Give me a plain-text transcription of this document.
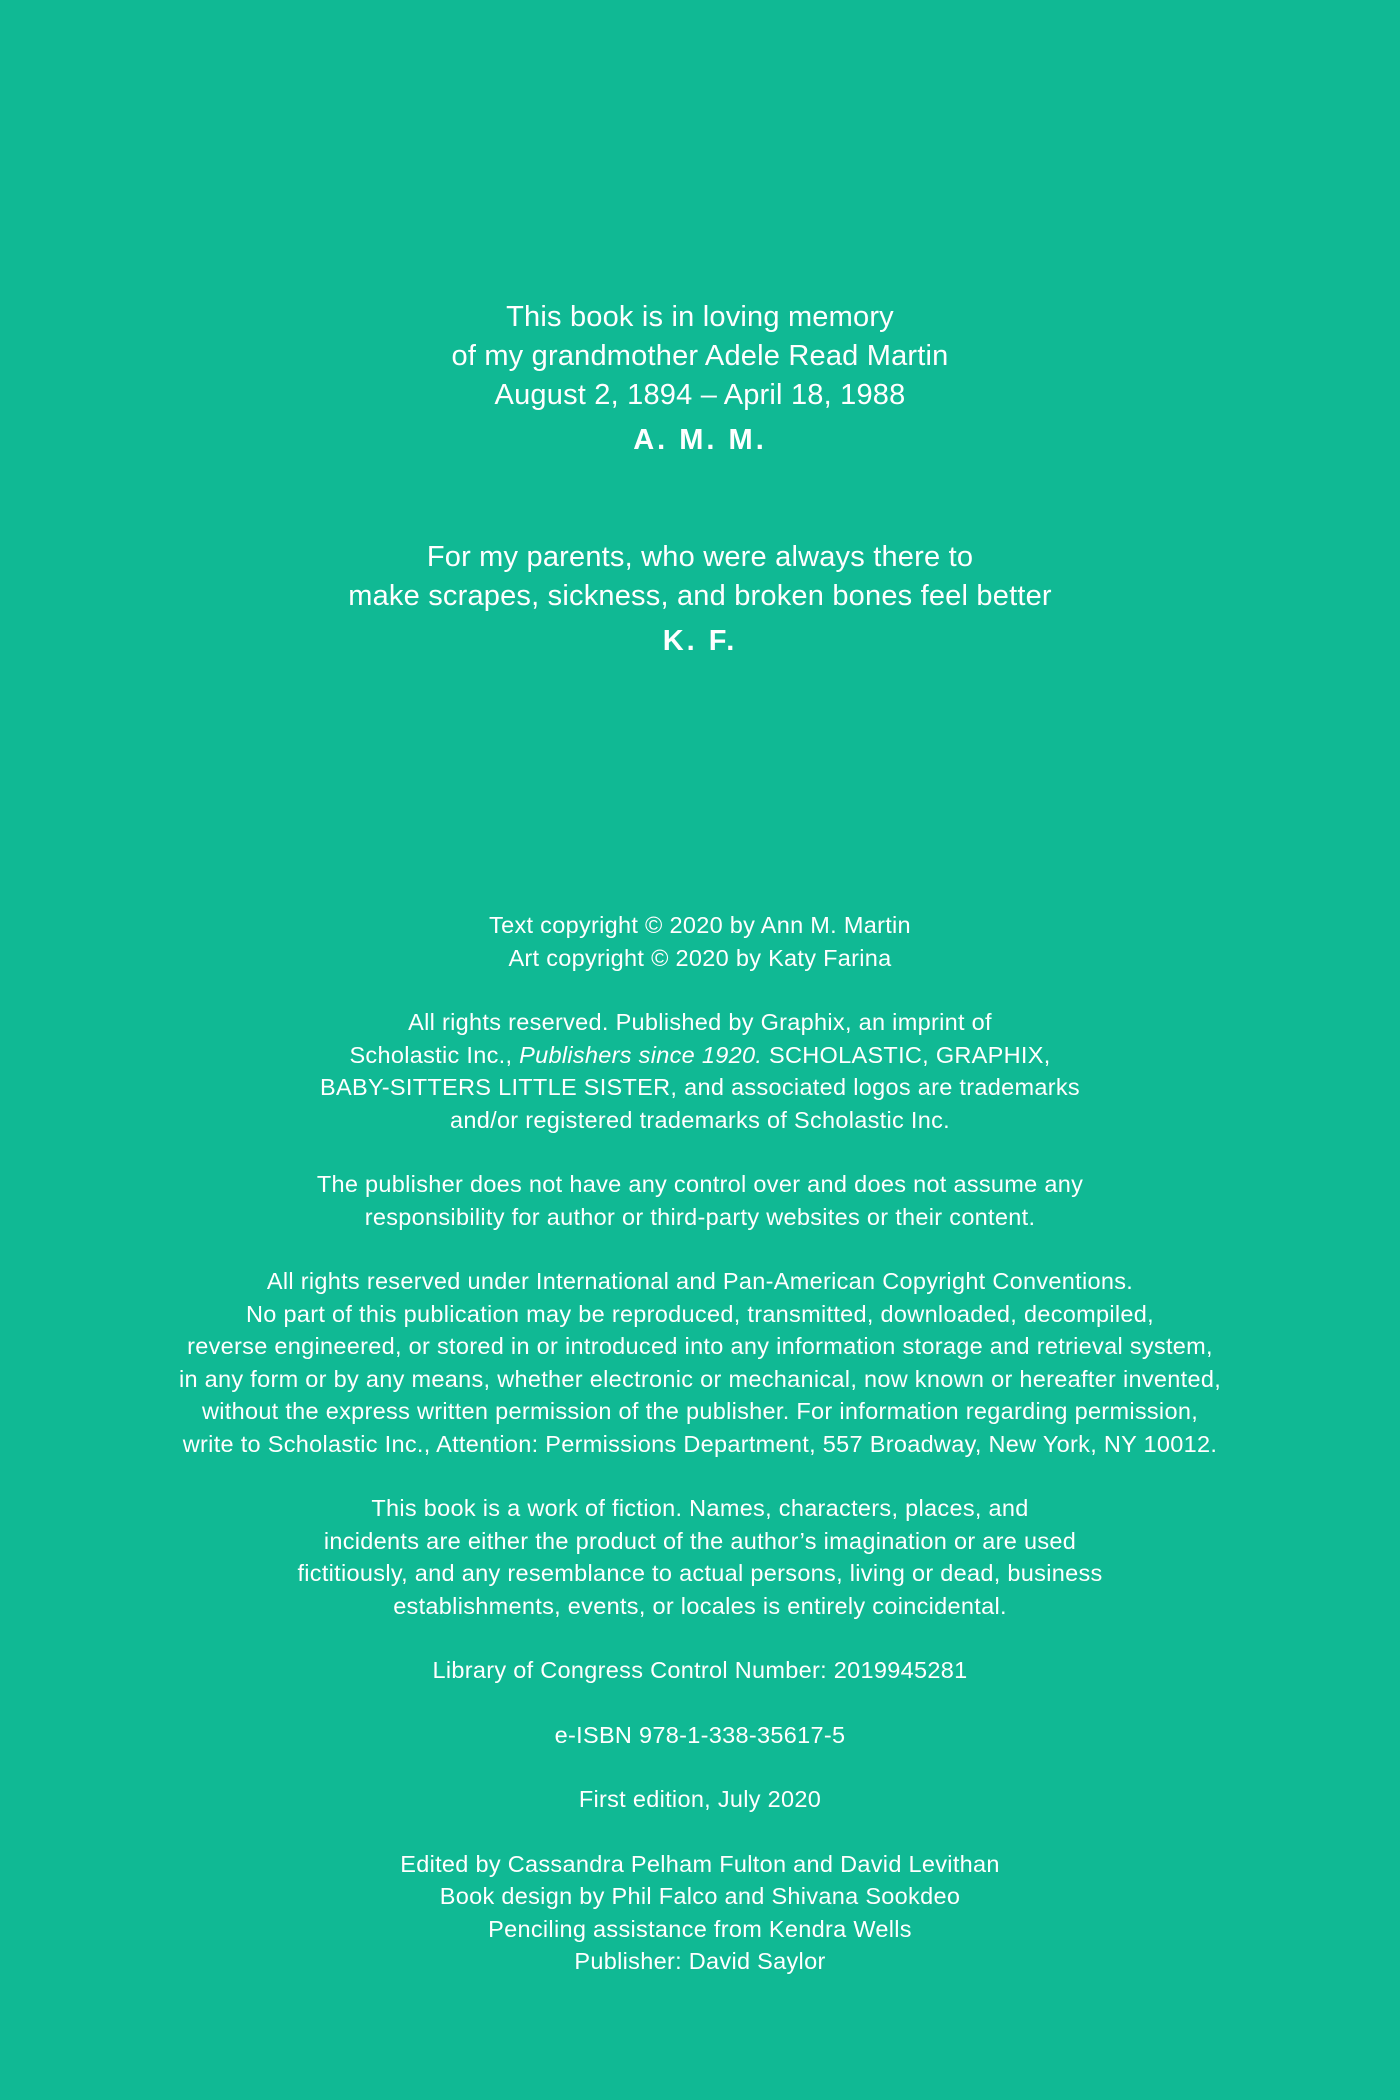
This book is in loving memory
of my grandmother Adele Read Martin
August 2, 1894 – April 18, 1988
A. M. M.
For my parents, who were always there to
make scrapes, sickness, and broken bones feel better
K. F.
Text copyright © 2020 by Ann M. Martin
Art copyright © 2020 by Katy Farina
All rights reserved. Published by Graphix, an imprint of
Scholastic Inc., Publishers since 1920. SCHOLASTIC, GRAPHIX,
BABY-SITTERS LITTLE SISTER, and associated logos are trademarks
and/or registered trademarks of Scholastic Inc.
The publisher does not have any control over and does not assume any
responsibility for author or third-party websites or their content.
All rights reserved under International and Pan-American Copyright Conventions.
No part of this publication may be reproduced, transmitted, downloaded, decompiled,
reverse engineered, or stored in or introduced into any information storage and retrieval system,
in any form or by any means, whether electronic or mechanical, now known or hereafter invented,
without the express written permission of the publisher. For information regarding permission,
write to Scholastic Inc., Attention: Permissions Department, 557 Broadway, New York, NY 10012.
This book is a work of fiction. Names, characters, places, and
incidents are either the product of the author’s imagination or are used
fictitiously, and any resemblance to actual persons, living or dead, business
establishments, events, or locales is entirely coincidental.
Library of Congress Control Number: 2019945281
e-ISBN 978-1-338-35617-5
First edition, July 2020
Edited by Cassandra Pelham Fulton and David Levithan
Book design by Phil Falco and Shivana Sookdeo
Penciling assistance from Kendra Wells
Publisher: David Saylor
